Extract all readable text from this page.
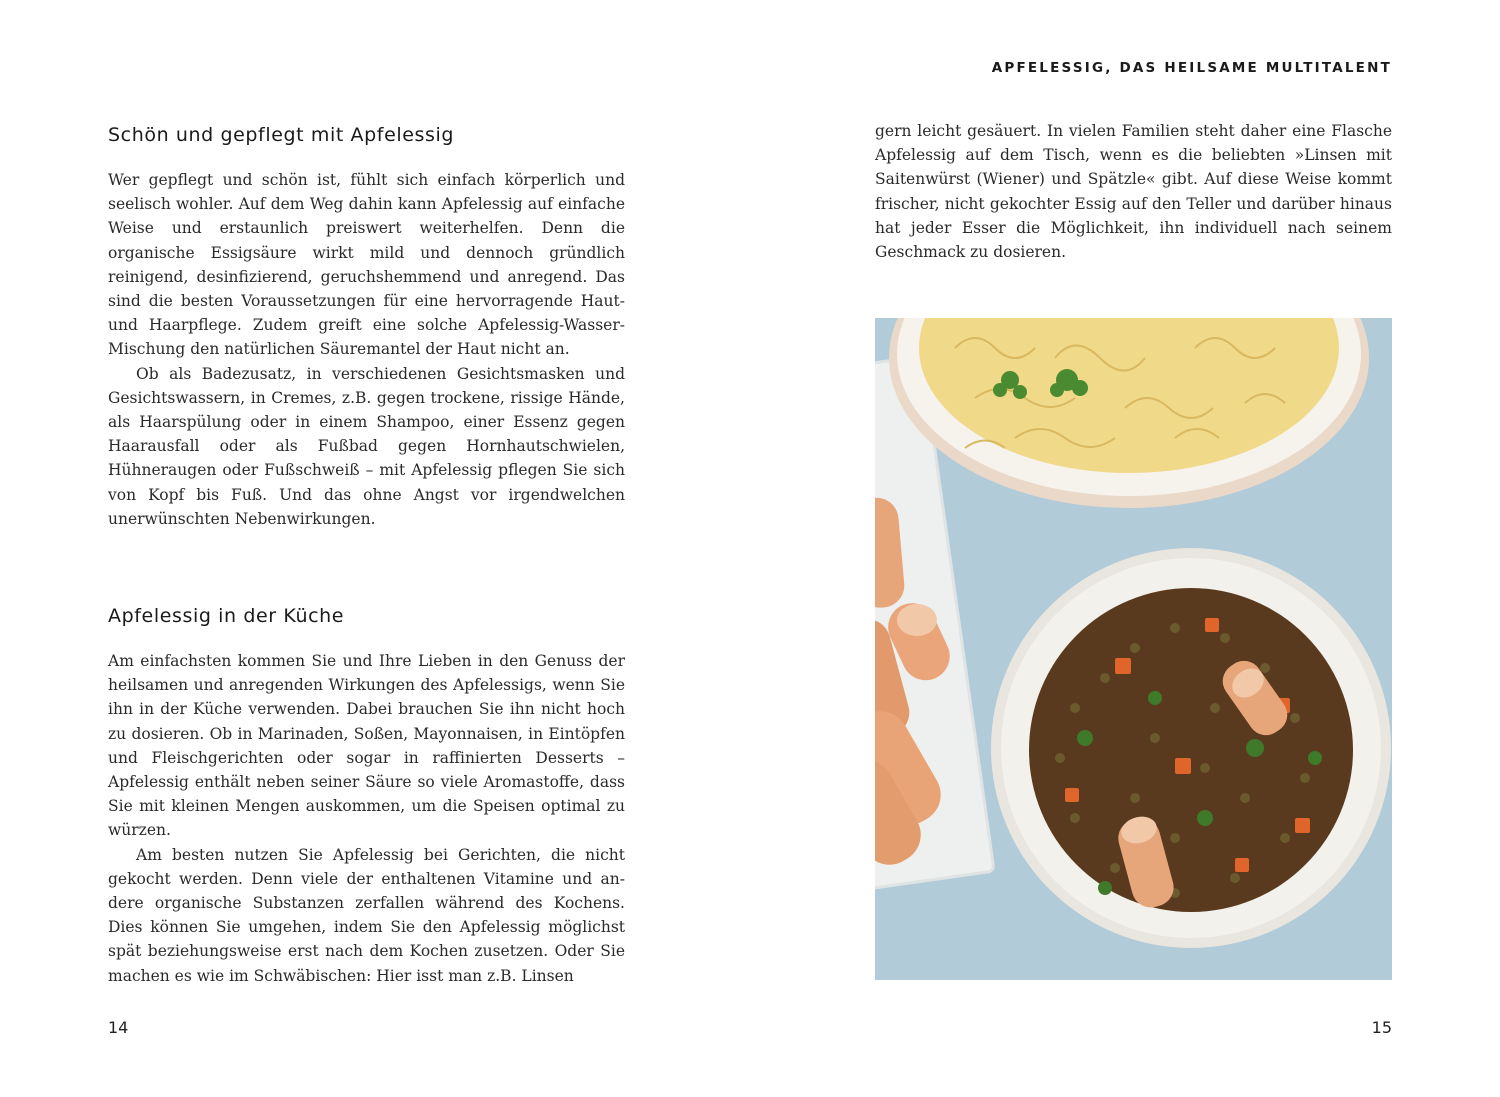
Schön und gepflegt mit Apfelessig

Wer gepflegt und schön ist, fühlt sich einfach körperlich und seelisch wohler. Auf dem Weg dahin kann Apfelessig auf einfache Weise und erstaunlich preiswert weiterhelfen. Denn die organische Essigsäure wirkt mild und dennoch gründlich reinigend, desinfizierend, geruchshemmend und anregend. Das sind die besten Voraussetzungen für eine hervorragende Haut- und Haarpflege. Zudem greift eine solche Apfelessig-Wasser-Mischung den natürlichen Säuremantel der Haut nicht an.

Ob als Badezusatz, in verschiedenen Gesichtsmasken und Gesichtswassern, in Cremes, z.B. gegen trockene, rissige Hände, als Haarspülung oder in einem Shampoo, einer Essenz gegen Haarausfall oder als Fußbad gegen Hornhautschwielen, Hühneraugen oder Fußschweiß – mit Apfelessig pflegen Sie sich von Kopf bis Fuß. Und das ohne Angst vor irgendwelchen unerwünschten Nebenwirkungen.

Apfelessig in der Küche

Am einfachsten kommen Sie und Ihre Lieben in den Genuss der heilsamen und anregenden Wirkungen des Apfelessigs, wenn Sie ihn in der Küche verwenden. Dabei brauchen Sie ihn nicht hoch zu dosieren. Ob in Marinaden, Soßen, Mayonnaisen, in Eintöpfen und Fleischgerichten oder sogar in raffinierten Desserts – Apfelessig enthält neben seiner Säure so viele Aromastoffe, dass Sie mit kleinen Mengen auskommen, um die Speisen optimal zu würzen.

Am besten nutzen Sie Apfelessig bei Gerichten, die nicht gekocht werden. Denn viele der enthaltenen Vitamine und andere organische Substanzen zerfallen während des Kochens. Dies können Sie umgehen, indem Sie den Apfelessig möglichst spät beziehungsweise erst nach dem Kochen zusetzen. Oder Sie machen es wie im Schwäbischen: Hier isst man z.B. Linsen

14
APFELESSIG, DAS HEILSAME MULTITALENT

gern leicht gesäuert. In vielen Familien steht daher eine Flasche Apfelessig auf dem Tisch, wenn es die beliebten »Linsen mit Saitenwürst (Wiener) und Spätzle« gibt. Auf diese Weise kommt frischer, nicht gekochter Essig auf den Teller und darüber hinaus hat jeder Esser die Möglichkeit, ihn individuell nach seinem Geschmack zu dosieren.

15
